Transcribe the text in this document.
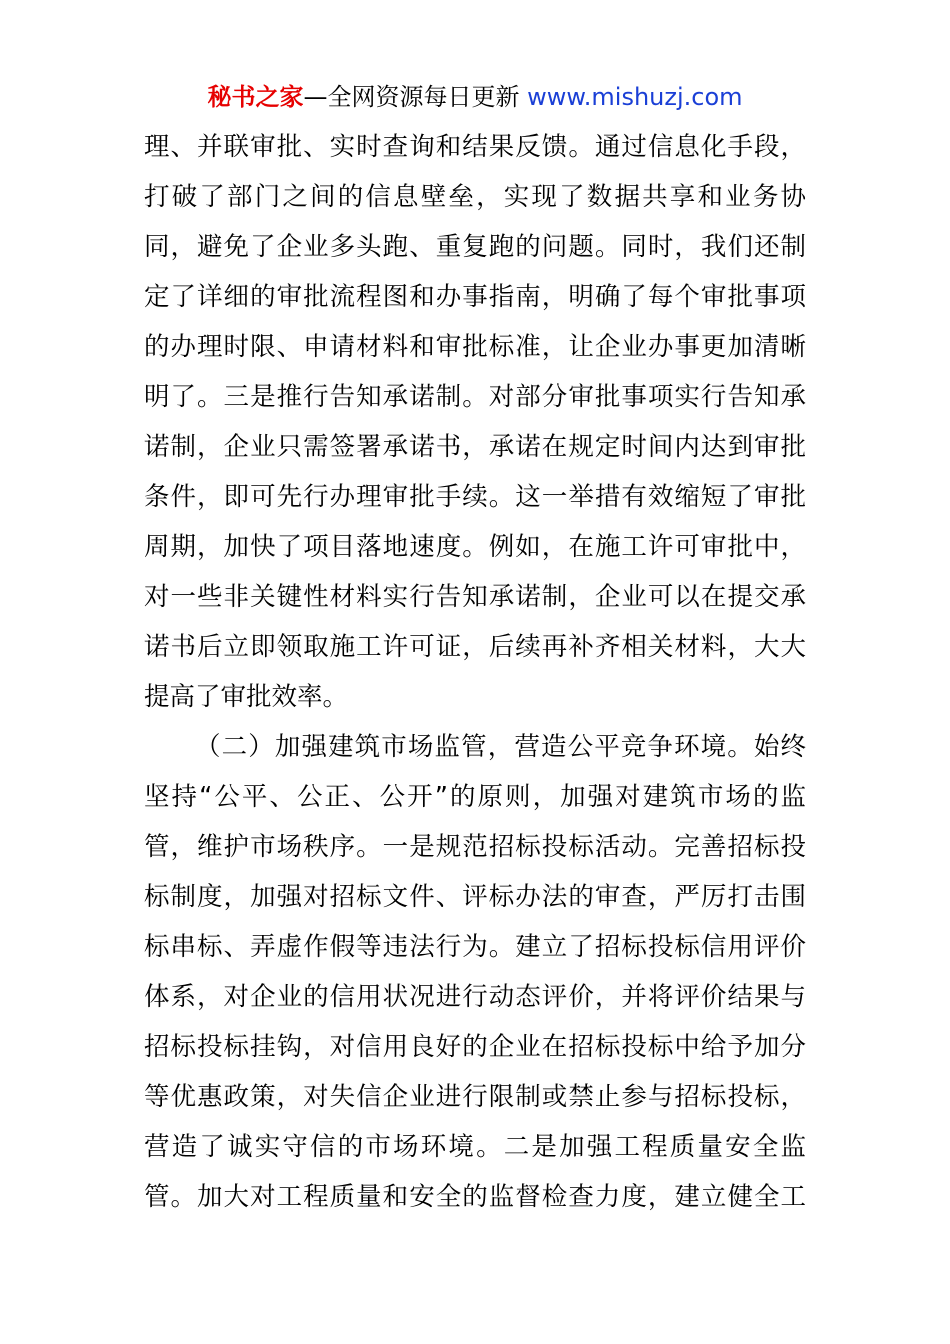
秘书之家—全网资源每日更新 www.mishuzj.com
理、并联审批、实时查询和结果反馈。通过信息化手段，
打破了部门之间的信息壁垒，实现了数据共享和业务协
同，避免了企业多头跑、重复跑的问题。同时，我们还制
定了详细的审批流程图和办事指南，明确了每个审批事项
的办理时限、申请材料和审批标准，让企业办事更加清晰
明了。三是推行告知承诺制。对部分审批事项实行告知承
诺制，企业只需签署承诺书，承诺在规定时间内达到审批
条件，即可先行办理审批手续。这一举措有效缩短了审批
周期，加快了项目落地速度。例如，在施工许可审批中，
对一些非关键性材料实行告知承诺制，企业可以在提交承
诺书后立即领取施工许可证，后续再补齐相关材料，大大
提高了审批效率。
（二）加强建筑市场监管，营造公平竞争环境。始终
坚持“公平、公正、公开”的原则，加强对建筑市场的监
管，维护市场秩序。一是规范招标投标活动。完善招标投
标制度，加强对招标文件、评标办法的审查，严厉打击围
标串标、弄虚作假等违法行为。建立了招标投标信用评价
体系，对企业的信用状况进行动态评价，并将评价结果与
招标投标挂钩，对信用良好的企业在招标投标中给予加分
等优惠政策，对失信企业进行限制或禁止参与招标投标，
营造了诚实守信的市场环境。二是加强工程质量安全监
管。加大对工程质量和安全的监督检查力度，建立健全工
